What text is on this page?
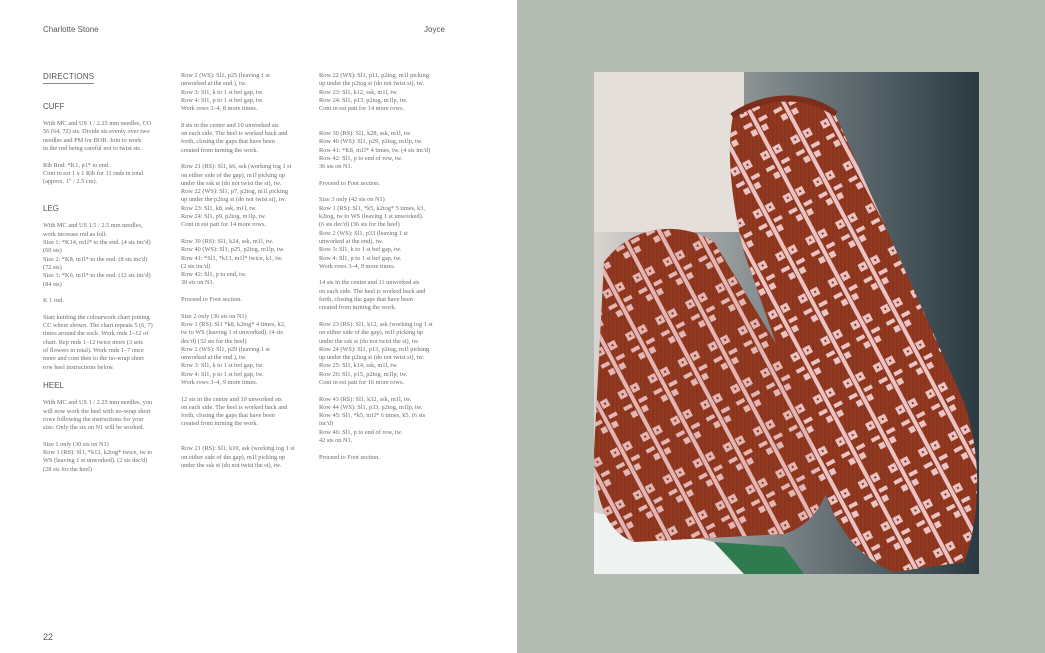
Charlotte Stone	Joyce
DIRECTIONS
CUFF
With MC and US 1 / 2.25 mm needles, CO
56 (64, 72) sts. Divide sts evenly over two
needles and PM for BOR. Join to work
in the rnd being careful not to twist sts.
Rib Rnd: *K1, p1* to end.
Cont in est 1 x 1 Rib for 11 rnds in total
(approx. 1" / 2.5 cm).
LEG
With MC and US 1.5 / 2.5 mm needles,
work increase rnd as foll:
Size 1: *K14, m1l* to the end. (4 sts inc'd)
(60 sts)
Size 2: *K8, m1l* to the end. (8 sts inc'd)
(72 sts)
Size 3: *K6, m1l* to the end. (12 sts inc'd)
(84 sts)
K 1 rnd.
Start knitting the colourwork chart joining
CC where shown. The chart repeats 5 (6, 7)
times around the sock. Work rnds 1–12 of
chart. Rep rnds 1–12 twice more (3 sets
of flowers in total). Work rnds 1–7 once
more and cont then to the no-wrap short
row heel instructions below.
HEEL
With MC and US 1 / 2.25 mm needles, you
will now work the heel with no-wrap short
rows following the instructions for your
size. Only the sts on N1 will be worked.
Size 1 only (30 sts on N1)
Row 1 (RS): Sl1, *k12, k2tog* twice, tw to
WS (leaving 1 st unworked). (2 sts dec'd)
(28 sts for the heel)
Row 2 (WS): Sl1, p25 (leaving 1 st
unworked at the end.), tw.
Row 3: Sl1, k to 1 st bef gap, tw.
Row 4: Sl1, p to 1 st bef gap, tw.
Work rows 3–4, 8 more times.
8 sts in the centre and 10 unworked sts
on each side. The heel is worked back and
forth, closing the gaps that have been
created from turning the work.
Row 21 (RS): Sl1, k6, ssk (working tog 1 st
on either side of the gap), m1l picking up
under the ssk st (do not twist the st), tw.
Row 22 (WS): Sl1, p7, p2tog, m1l picking
up under the p2tog st (do not twist st), tw.
Row 23: Sl1, k8, ssk, m1l, tw.
Row 24: Sl1, p9, p2tog, m1lp, tw.
Cont in est patt for 14 more rows.
Row 39 (RS): Sl1, k24, ssk, m1l, tw.
Row 40 (WS): Sl1, p25, p2tog, m1lp, tw.
Row 41: *Sl1, *k13, m1l* twice, k1, tw.
(2 sts inc'd)
Row 42: Sl1, p to end, tw.
30 sts on N1.
Proceed to Foot section.
Size 2 only (36 sts on N1)
Row 1 (RS): Sl1 *k8, k2tog* 4 times, k2,
tw to WS (leaving 1 st unworked). (4 sts
dec'd) (32 sts for the heel)
Row 2 (WS): Sl1, p29 (leaving 1 st
unworked at the end.), tw.
Row 3: Sl1, k to 1 st bef gap, tw.
Row 4: Sl1, p to 1 st bef gap, tw.
Work rows 3–4, 9 more times.
12 sts in the centre and 10 unworked sts
on each side. The heel is worked back and
forth, closing the gaps that have been
created from turning the work.
Row 21 (RS): Sl1, k10, ssk (working tog 1 st
on either side of the gap), m1l picking up
under the ssk st (do not twist the st), tw.
Row 22 (WS): Sl1, p11, p2tog, m1l picking
up under the p2tog st (do not twist st), tw.
Row 23: Sl1, k12, ssk, m1l, tw.
Row 24: Sl1, p13, p2tog, m1lp, tw.
Cont in est patt for 14 more rows.
Row 39 (RS): Sl1, k28, ssk, m1l, tw.
Row 40 (WS): Sl1, p29, p2tog, m1lp, tw.
Row 41: *K8, m1l* 4 times, tw. (4 sts inc'd)
Row 42: Sl1, p to end of row, tw.
36 sts on N1.
Proceed to Foot section.
Size 3 only (42 sts on N1)
Row 1 (RS): Sl1, *k5, k2tog* 5 times, k3,
k2tog, tw to WS (leaving 1 st unworked).
(6 sts dec'd) (36 sts for the heel)
Row 2 (WS): Sl1, p33 (leaving 1 st
unworked at the end), tw.
Row 3: Sl1, k to 1 st bef gap, tw.
Row 4: Sl1, p to 1 st bef gap, tw.
Work rows 3–4, 9 more times.
14 sts in the centre and 11 unworked sts
on each side. The heel is worked back and
forth, closing the gaps that have been
created from turning the work.
Row 23 (RS): Sl1, k12, ssk (working tog 1 st
on either side of the gap), m1l picking up
under the ssk st (do not twist the st), tw.
Row 24 (WS): Sl1, p13, p2tog, m1l picking
up under the p2tog st (do not twist st), tw.
Row 25: Sl1, k14, ssk, m1l, tw.
Row 26: Sl1, p15, p2tog, m1lp, tw.
Cont in est patt for 16 more rows.
Row 43 (RS): Sl1, k32, ssk, m1l, tw.
Row 44 (WS): Sl1, p33, p2tog, m1lp, tw.
Row 45: Sl1, *k5, m1l* 6 times, k5. (6 sts
inc'd)
Row 46: Sl1, p to end of row, tw.
42 sts on N1.
Proceed to Foot section.
22
